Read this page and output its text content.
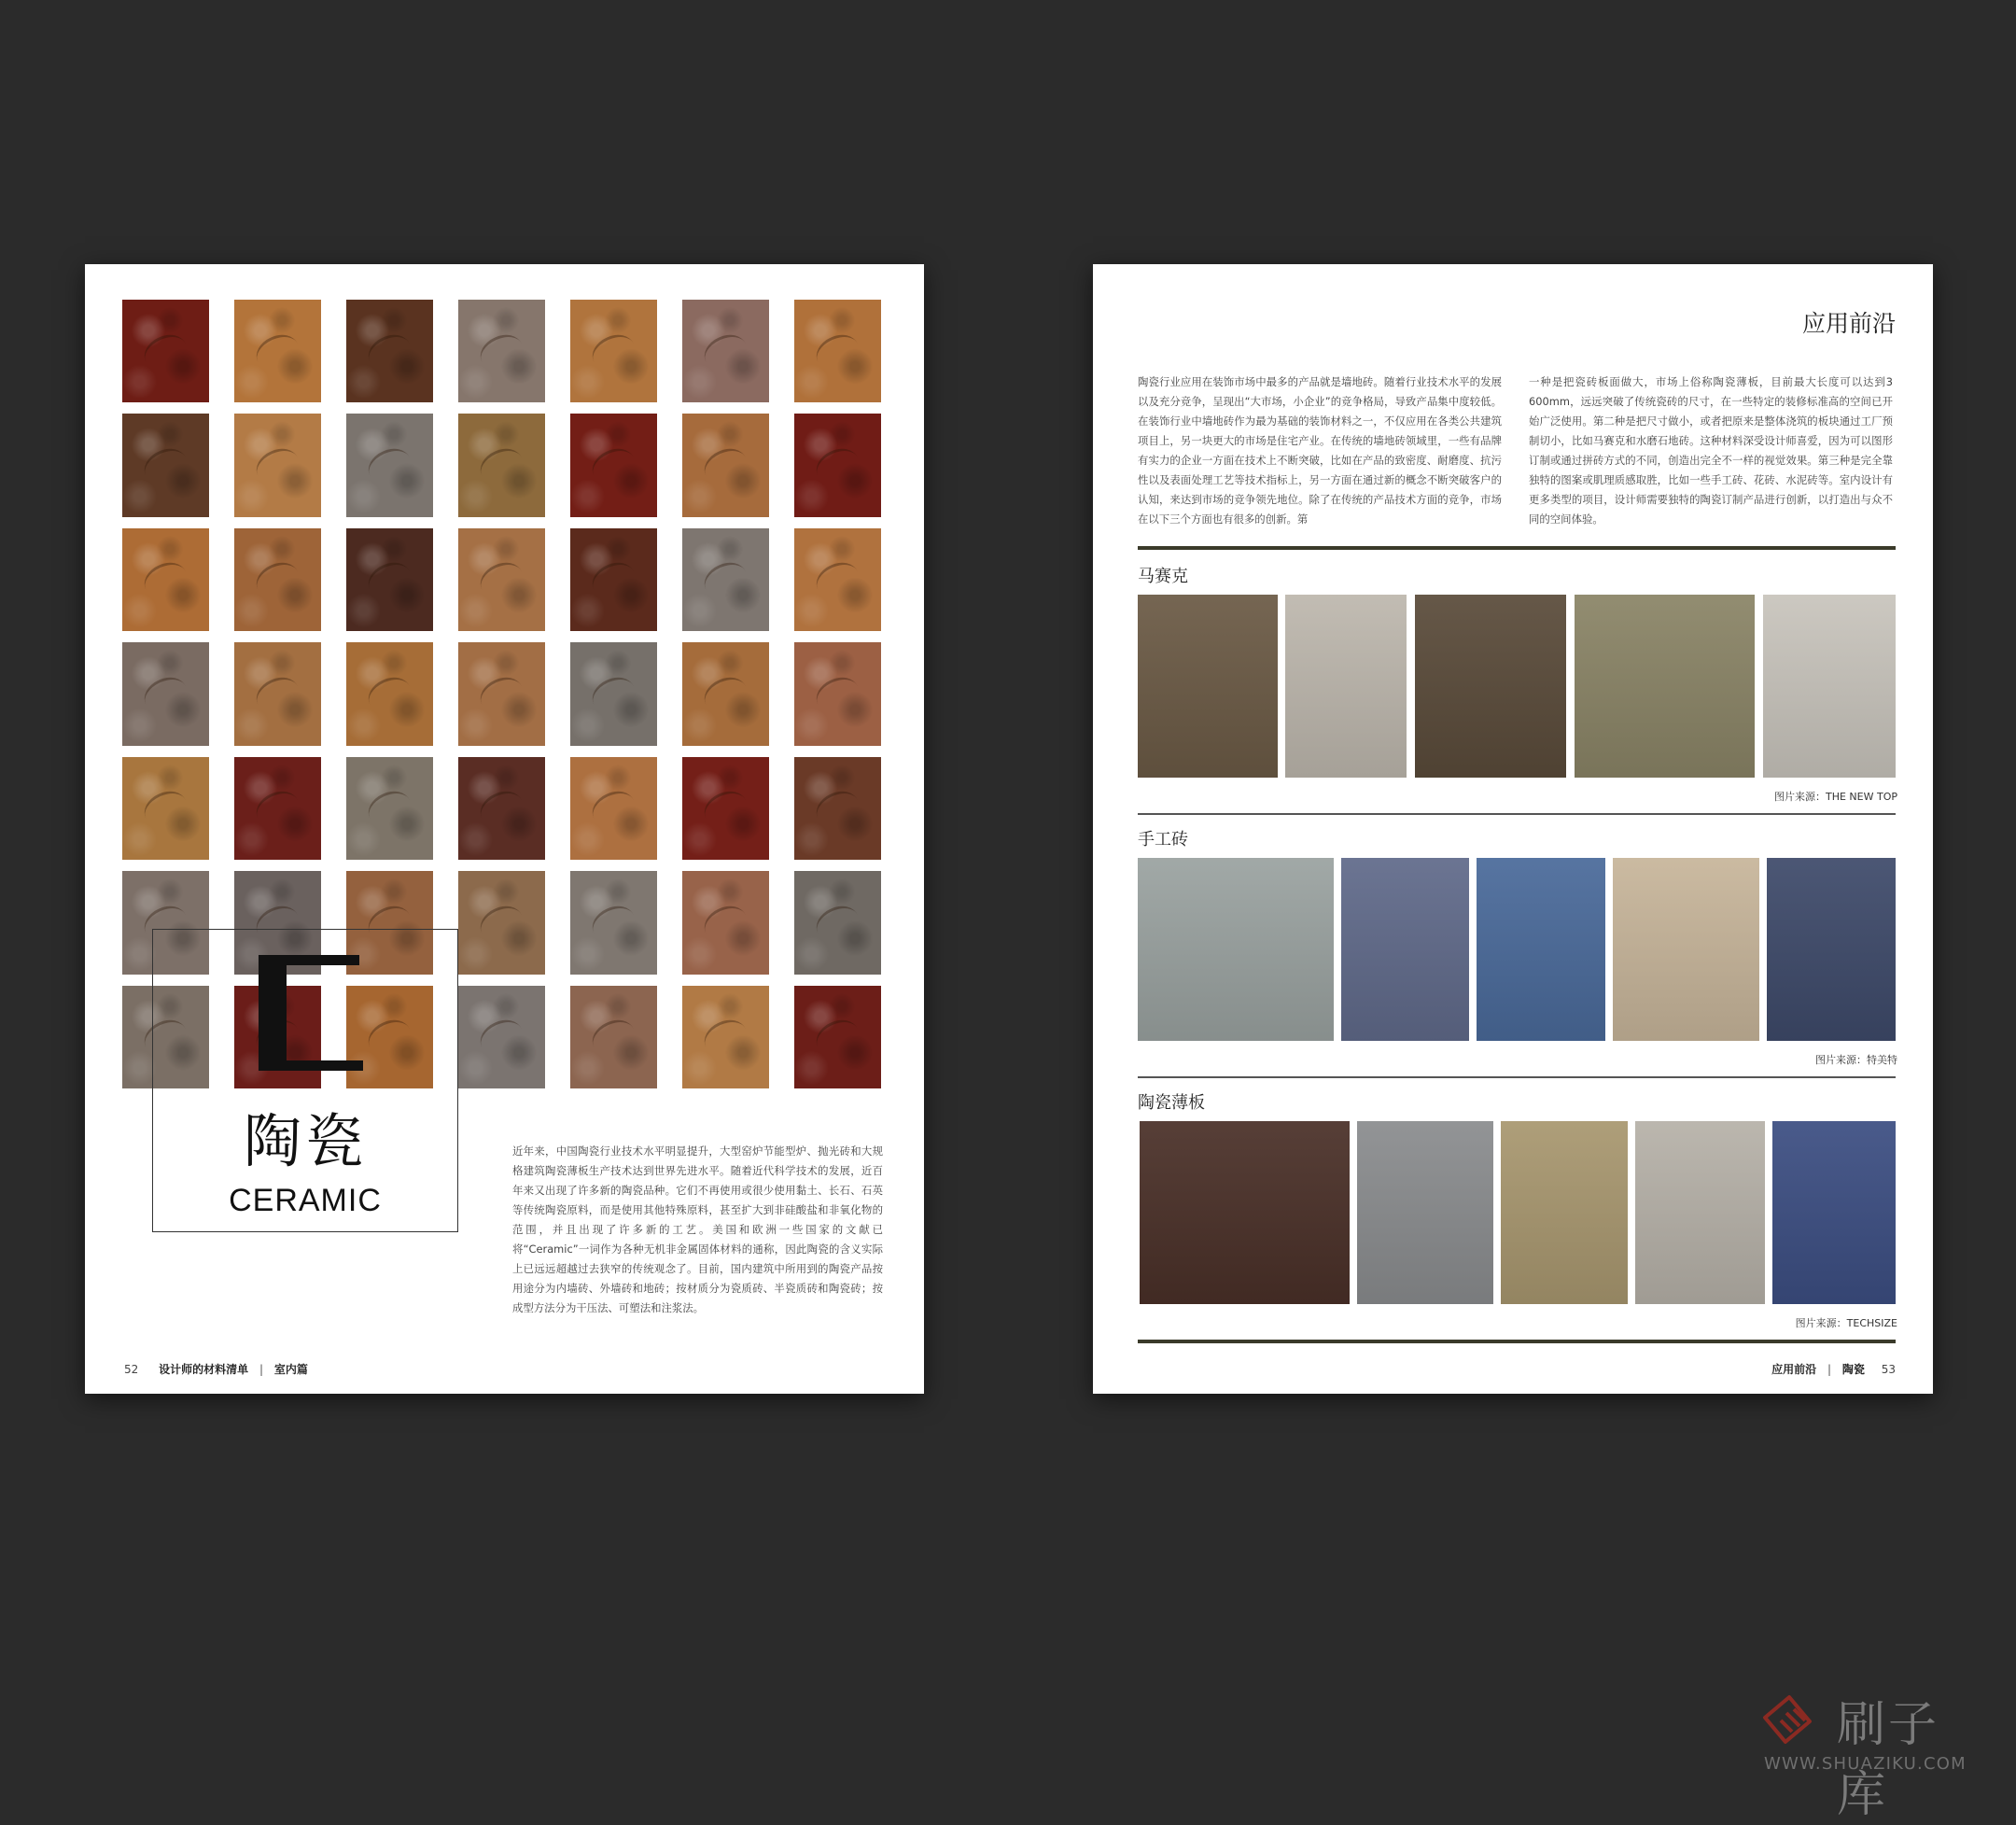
陶瓷
CERAMIC

近年来，中国陶瓷行业技术水平明显提升，大型窑炉节能型炉、抛光砖和大规格建筑陶瓷薄板生产技术达到世界先进水平。随着近代科学技术的发展，近百年来又出现了许多新的陶瓷品种。它们不再使用或很少使用黏土、长石、石英等传统陶瓷原料，而是使用其他特殊原料，甚至扩大到非硅酸盐和非氧化物的范围，并且出现了许多新的工艺。美国和欧洲一些国家的文献已将“Ceramic”一词作为各种无机非金属固体材料的通称，因此陶瓷的含义实际上已远远超越过去狭窄的传统观念了。目前，国内建筑中所用到的陶瓷产品按用途分为内墙砖、外墙砖和地砖；按材质分为瓷质砖、半瓷质砖和陶瓷砖；按成型方法分为干压法、可塑法和注浆法。

52 设计师的材料清单 | 室内篇
应用前沿

陶瓷行业应用在装饰市场中最多的产品就是墙地砖。随着行业技术水平的发展以及充分竞争，呈现出“大市场，小企业”的竞争格局，导致产品集中度较低。在装饰行业中墙地砖作为最为基础的装饰材料之一，不仅应用在各类公共建筑项目上，另一块更大的市场是住宅产业。在传统的墙地砖领域里，一些有品牌有实力的企业一方面在技术上不断突破，比如在产品的致密度、耐磨度、抗污性以及表面处理工艺等技术指标上，另一方面在通过新的概念不断突破客户的认知，来达到市场的竞争领先地位。除了在传统的产品技术方面的竞争，市场在以下三个方面也有很多的创新。第

一种是把瓷砖板面做大，市场上俗称陶瓷薄板，目前最大长度可以达到3 600mm，远远突破了传统瓷砖的尺寸，在一些特定的装修标准高的空间已开始广泛使用。第二种是把尺寸做小，或者把原来是整体浇筑的板块通过工厂预制切小，比如马赛克和水磨石地砖。这种材料深受设计师喜爱，因为可以图形订制或通过拼砖方式的不同，创造出完全不一样的视觉效果。第三种是完全靠独特的图案或肌理质感取胜，比如一些手工砖、花砖、水泥砖等。室内设计有更多类型的项目，设计师需要独特的陶瓷订制产品进行创新，以打造出与众不同的空间体验。

马赛克
图片来源：THE NEW TOP
手工砖
图片来源：特美特
陶瓷薄板
图片来源：TECHSIZE
应用前沿 | 陶瓷 53
刷子库
WWW.SHUAZIKU.COM
